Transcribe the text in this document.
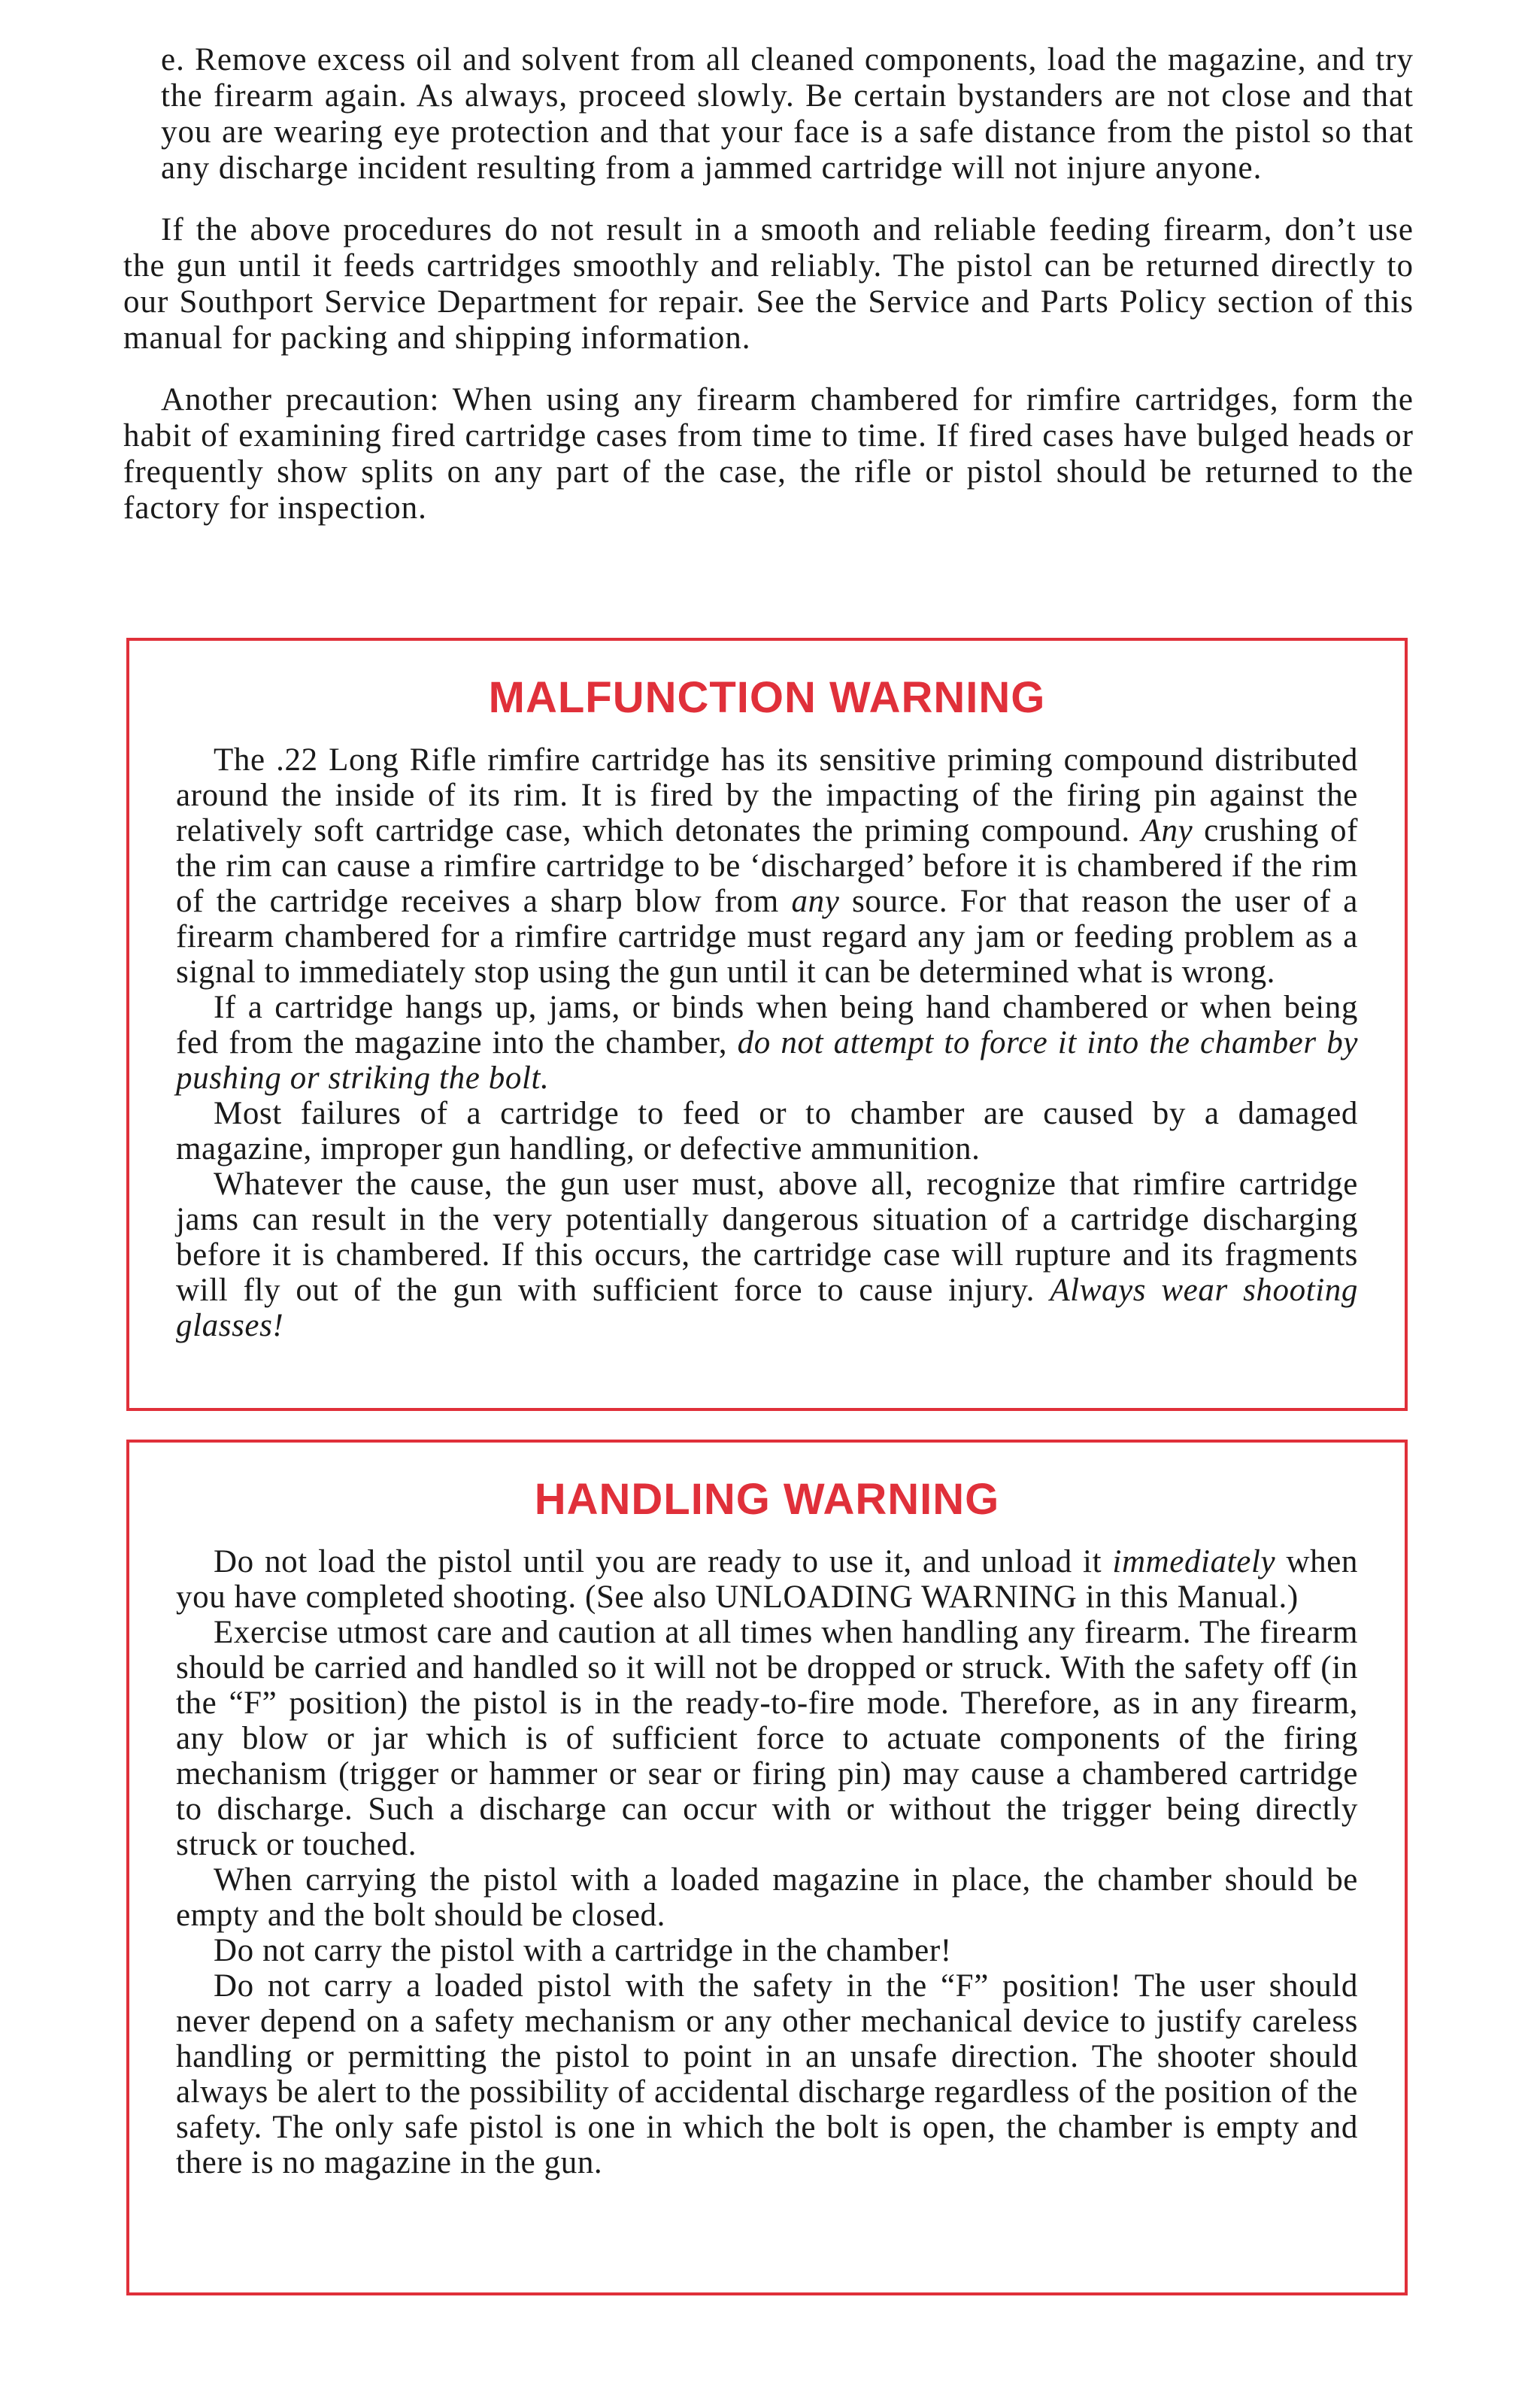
e. Remove excess oil and solvent from all cleaned components, load the magazine, and try the firearm again. As always, proceed slowly. Be certain bystanders are not close and that you are wearing eye protection and that your face is a safe distance from the pistol so that any discharge incident resulting from a jammed cartridge will not injure anyone.

If the above procedures do not result in a smooth and reliable feeding firearm, don’t use the gun until it feeds cartridges smoothly and reliably. The pistol can be returned directly to our Southport Service Department for repair. See the Service and Parts Policy section of this manual for packing and shipping information.

Another precaution: When using any firearm chambered for rimfire cartridges, form the habit of examining fired cartridge cases from time to time. If fired cases have bulged heads or frequently show splits on any part of the case, the rifle or pistol should be returned to the factory for inspection.

MALFUNCTION WARNING

The .22 Long Rifle rimfire cartridge has its sensitive priming compound distributed around the inside of its rim. It is fired by the impacting of the firing pin against the relatively soft cartridge case, which detonates the priming compound. Any crushing of the rim can cause a rimfire cartridge to be ‘discharged’ before it is chambered if the rim of the cartridge receives a sharp blow from any source. For that reason the user of a firearm chambered for a rimfire cartridge must regard any jam or feeding problem as a signal to immediately stop using the gun until it can be determined what is wrong.

If a cartridge hangs up, jams, or binds when being hand chambered or when being fed from the magazine into the chamber, do not attempt to force it into the chamber by pushing or striking the bolt.

Most failures of a cartridge to feed or to chamber are caused by a damaged magazine, improper gun handling, or defective ammunition.

Whatever the cause, the gun user must, above all, recognize that rimfire cartridge jams can result in the very potentially dangerous situation of a cartridge discharging before it is chambered. If this occurs, the cartridge case will rupture and its fragments will fly out of the gun with sufficient force to cause injury. Always wear shooting glasses!

HANDLING WARNING

Do not load the pistol until you are ready to use it, and unload it immediately when you have completed shooting. (See also UNLOADING WARNING in this Manual.)

Exercise utmost care and caution at all times when handling any firearm. The firearm should be carried and handled so it will not be dropped or struck. With the safety off (in the “F” position) the pistol is in the ready-to-fire mode. Therefore, as in any firearm, any blow or jar which is of sufficient force to actuate components of the firing mechanism (trigger or hammer or sear or firing pin) may cause a chambered cartridge to discharge. Such a discharge can occur with or without the trigger being directly struck or touched.

When carrying the pistol with a loaded magazine in place, the chamber should be empty and the bolt should be closed.

Do not carry the pistol with a cartridge in the chamber!

Do not carry a loaded pistol with the safety in the “F” position! The user should never depend on a safety mechanism or any other mechanical device to justify careless handling or permitting the pistol to point in an unsafe direction. The shooter should always be alert to the possibility of accidental discharge regardless of the position of the safety. The only safe pistol is one in which the bolt is open, the chamber is empty and there is no magazine in the gun.
